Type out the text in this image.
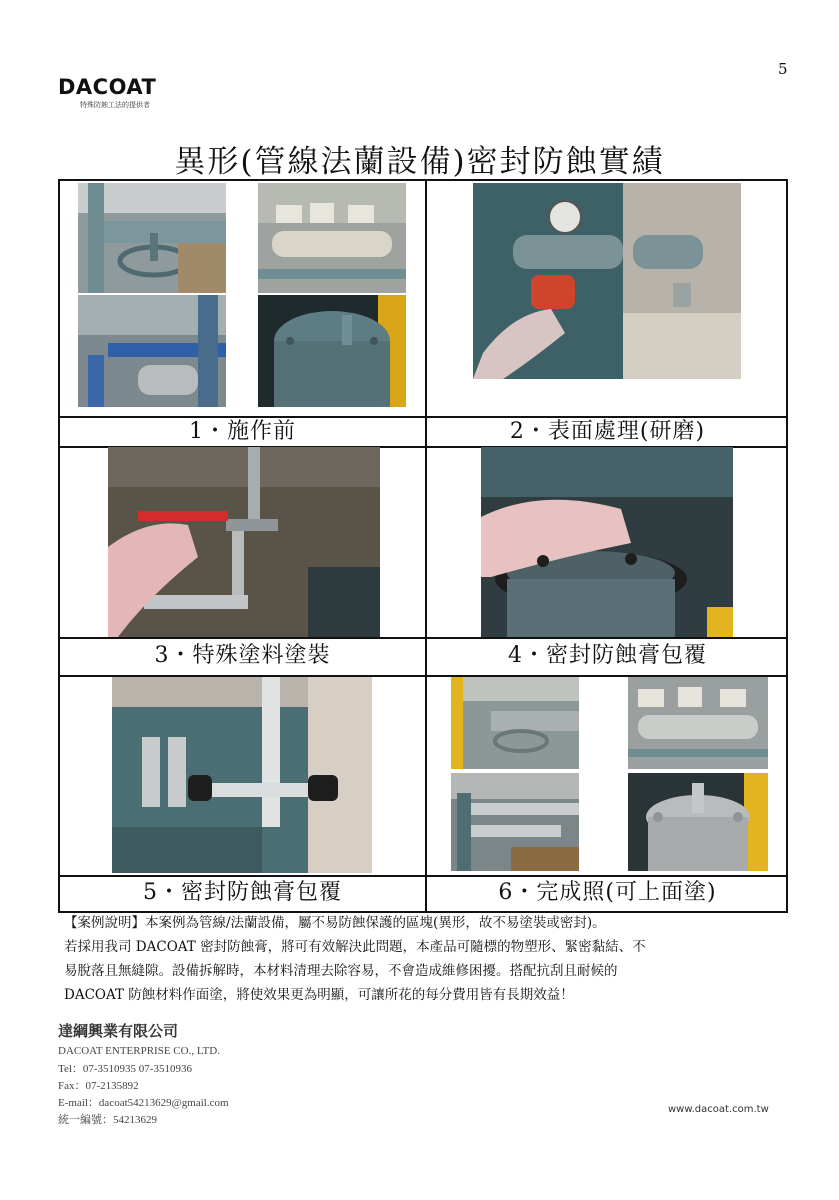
5
DACOAT
特殊防蝕工法的提供者
異形(管線法蘭設備)密封防蝕實績
1・施作前	2・表面處理(研磨)
3・特殊塗料塗裝	4・密封防蝕膏包覆
5・密封防蝕膏包覆	6・完成照(可上面塗)

【案例說明】本案例為管線/法蘭設備，屬不易防蝕保護的區塊(異形，故不易塗裝或密封)。

若採用我司 DACOAT 密封防蝕膏，將可有效解決此問題，本產品可隨標的物塑形、緊密黏結、不

易脫落且無縫隙。設備拆解時，本材料清理去除容易，不會造成維修困擾。搭配抗刮且耐候的

DACOAT 防蝕材料作面塗，將使效果更為明顯，可讓所花的每分費用皆有長期效益！

達綱興業有限公司
DACOAT ENTERPRISE CO., LTD.
Tel：07-3510935 07-3510936
Fax：07-2135892
E-mail：dacoat54213629@gmail.com
統一編號：54213629
www.dacoat.com.tw
